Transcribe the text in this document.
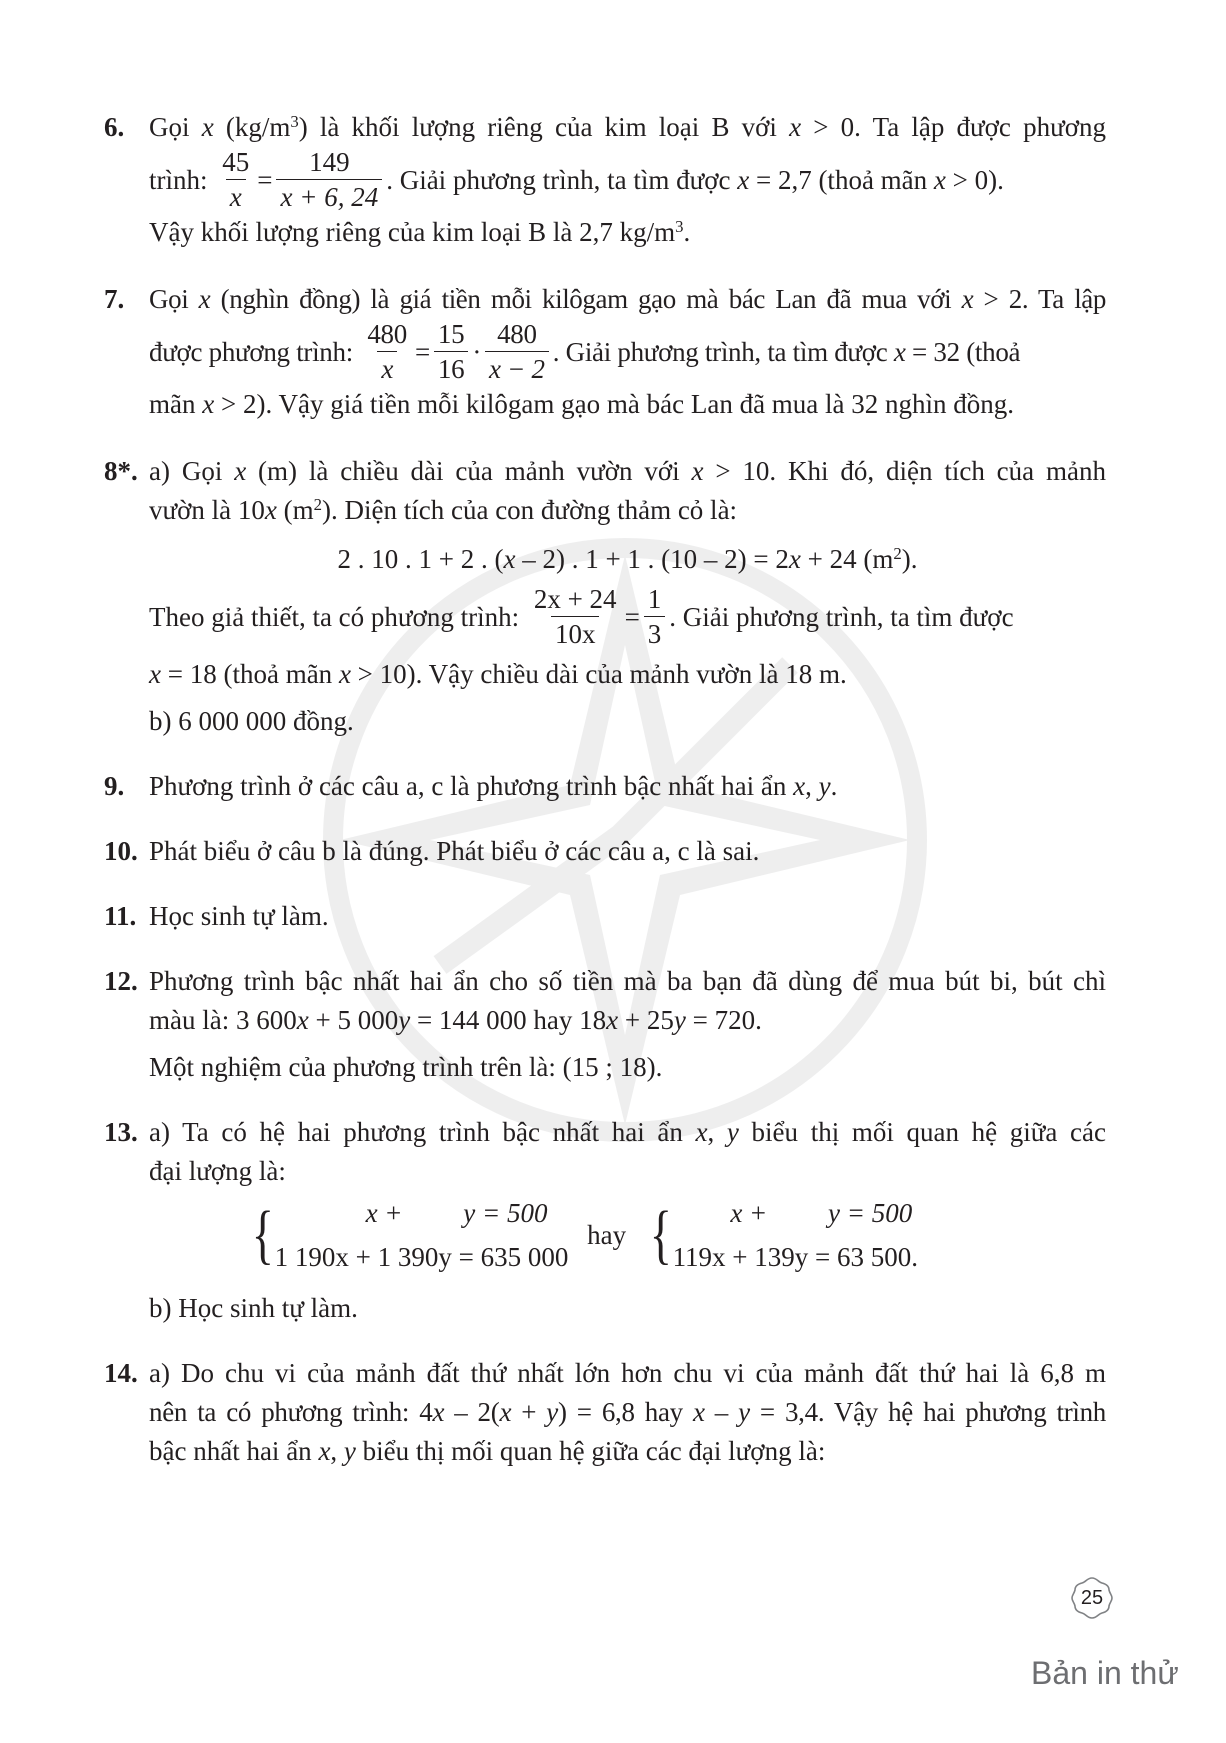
6. Gọi x $(kg/m^3)$ là khối lượng riêng của kim loại B với x > 0. Ta lập được phương
trình: $\frac{45}{x} = \frac{149}{x + 6, 24}$ . Giải phương trình, ta tìm được x = 2,7 (thoả mãn x > 0).
Vậy khối lượng riêng của kim loại B là 2,7 $kg/m^3$.
7. Gọi x (nghìn đồng) là giá tiền mỗi kilôgam gạo mà bác Lan đã mua với x > 2. Ta lập
được phương trình: $\frac{480}{x} = \frac{15}{16} \cdot \frac{480}{x - 2}$ . Giải phương trình, ta tìm được x = 32 (thoả
mãn x > 2). Vậy giá tiền mỗi kilôgam gạo mà bác Lan đã mua là 32 nghìn đồng.
8*. a) Gọi x (m) là chiều dài của mảnh vườn với x > 10. Khi đó, diện tích của mảnh
vườn là 10x $(m^2)$. Diện tích của con đường thảm cỏ là:
2 . 10 . 1 + 2 . (x – 2) . 1 + 1 . (10 – 2) = 2x + 24 $(m^2)$.
Theo giả thiết, ta có phương trình: $\frac{2x + 24}{10x} = \frac{1}{3}$ . Giải phương trình, ta tìm được
x = 18 (thoả mãn x > 10). Vậy chiều dài của mảnh vườn là 18 m.
b) 6 000 000 đồng.
9. Phương trình ở các câu a, c là phương trình bậc nhất hai ẩn x, y.
10. Phát biểu ở câu b là đúng. Phát biểu ở các câu a, c là sai.
11. Học sinh tự làm.
12. Phương trình bậc nhất hai ẩn cho số tiền mà ba bạn đã dùng để mua bút bi, bút chì
màu là: 3 600x + 5 000y = 144 000 hay 18x + 25y = 720.
Một nghiệm của phương trình trên là: (15 ; 18).
13. a) Ta có hệ hai phương trình bậc nhất hai ẩn x, y biểu thị mối quan hệ giữa các
đại lượng là:
{	x +         y = 500
1 190x + 1 390y = 635 000
hay {	x +         y = 500
119x + 139y = 63 500.
b) Học sinh tự làm.
14. a) Do chu vi của mảnh đất thứ nhất lớn hơn chu vi của mảnh đất thứ hai là 6,8 m
nên ta có phương trình: 4x – 2(x + y) = 6,8 hay x – y = 3,4. Vậy hệ hai phương trình
bậc nhất hai ẩn x, y biểu thị mối quan hệ giữa các đại lượng là:
25
Bản in thử
